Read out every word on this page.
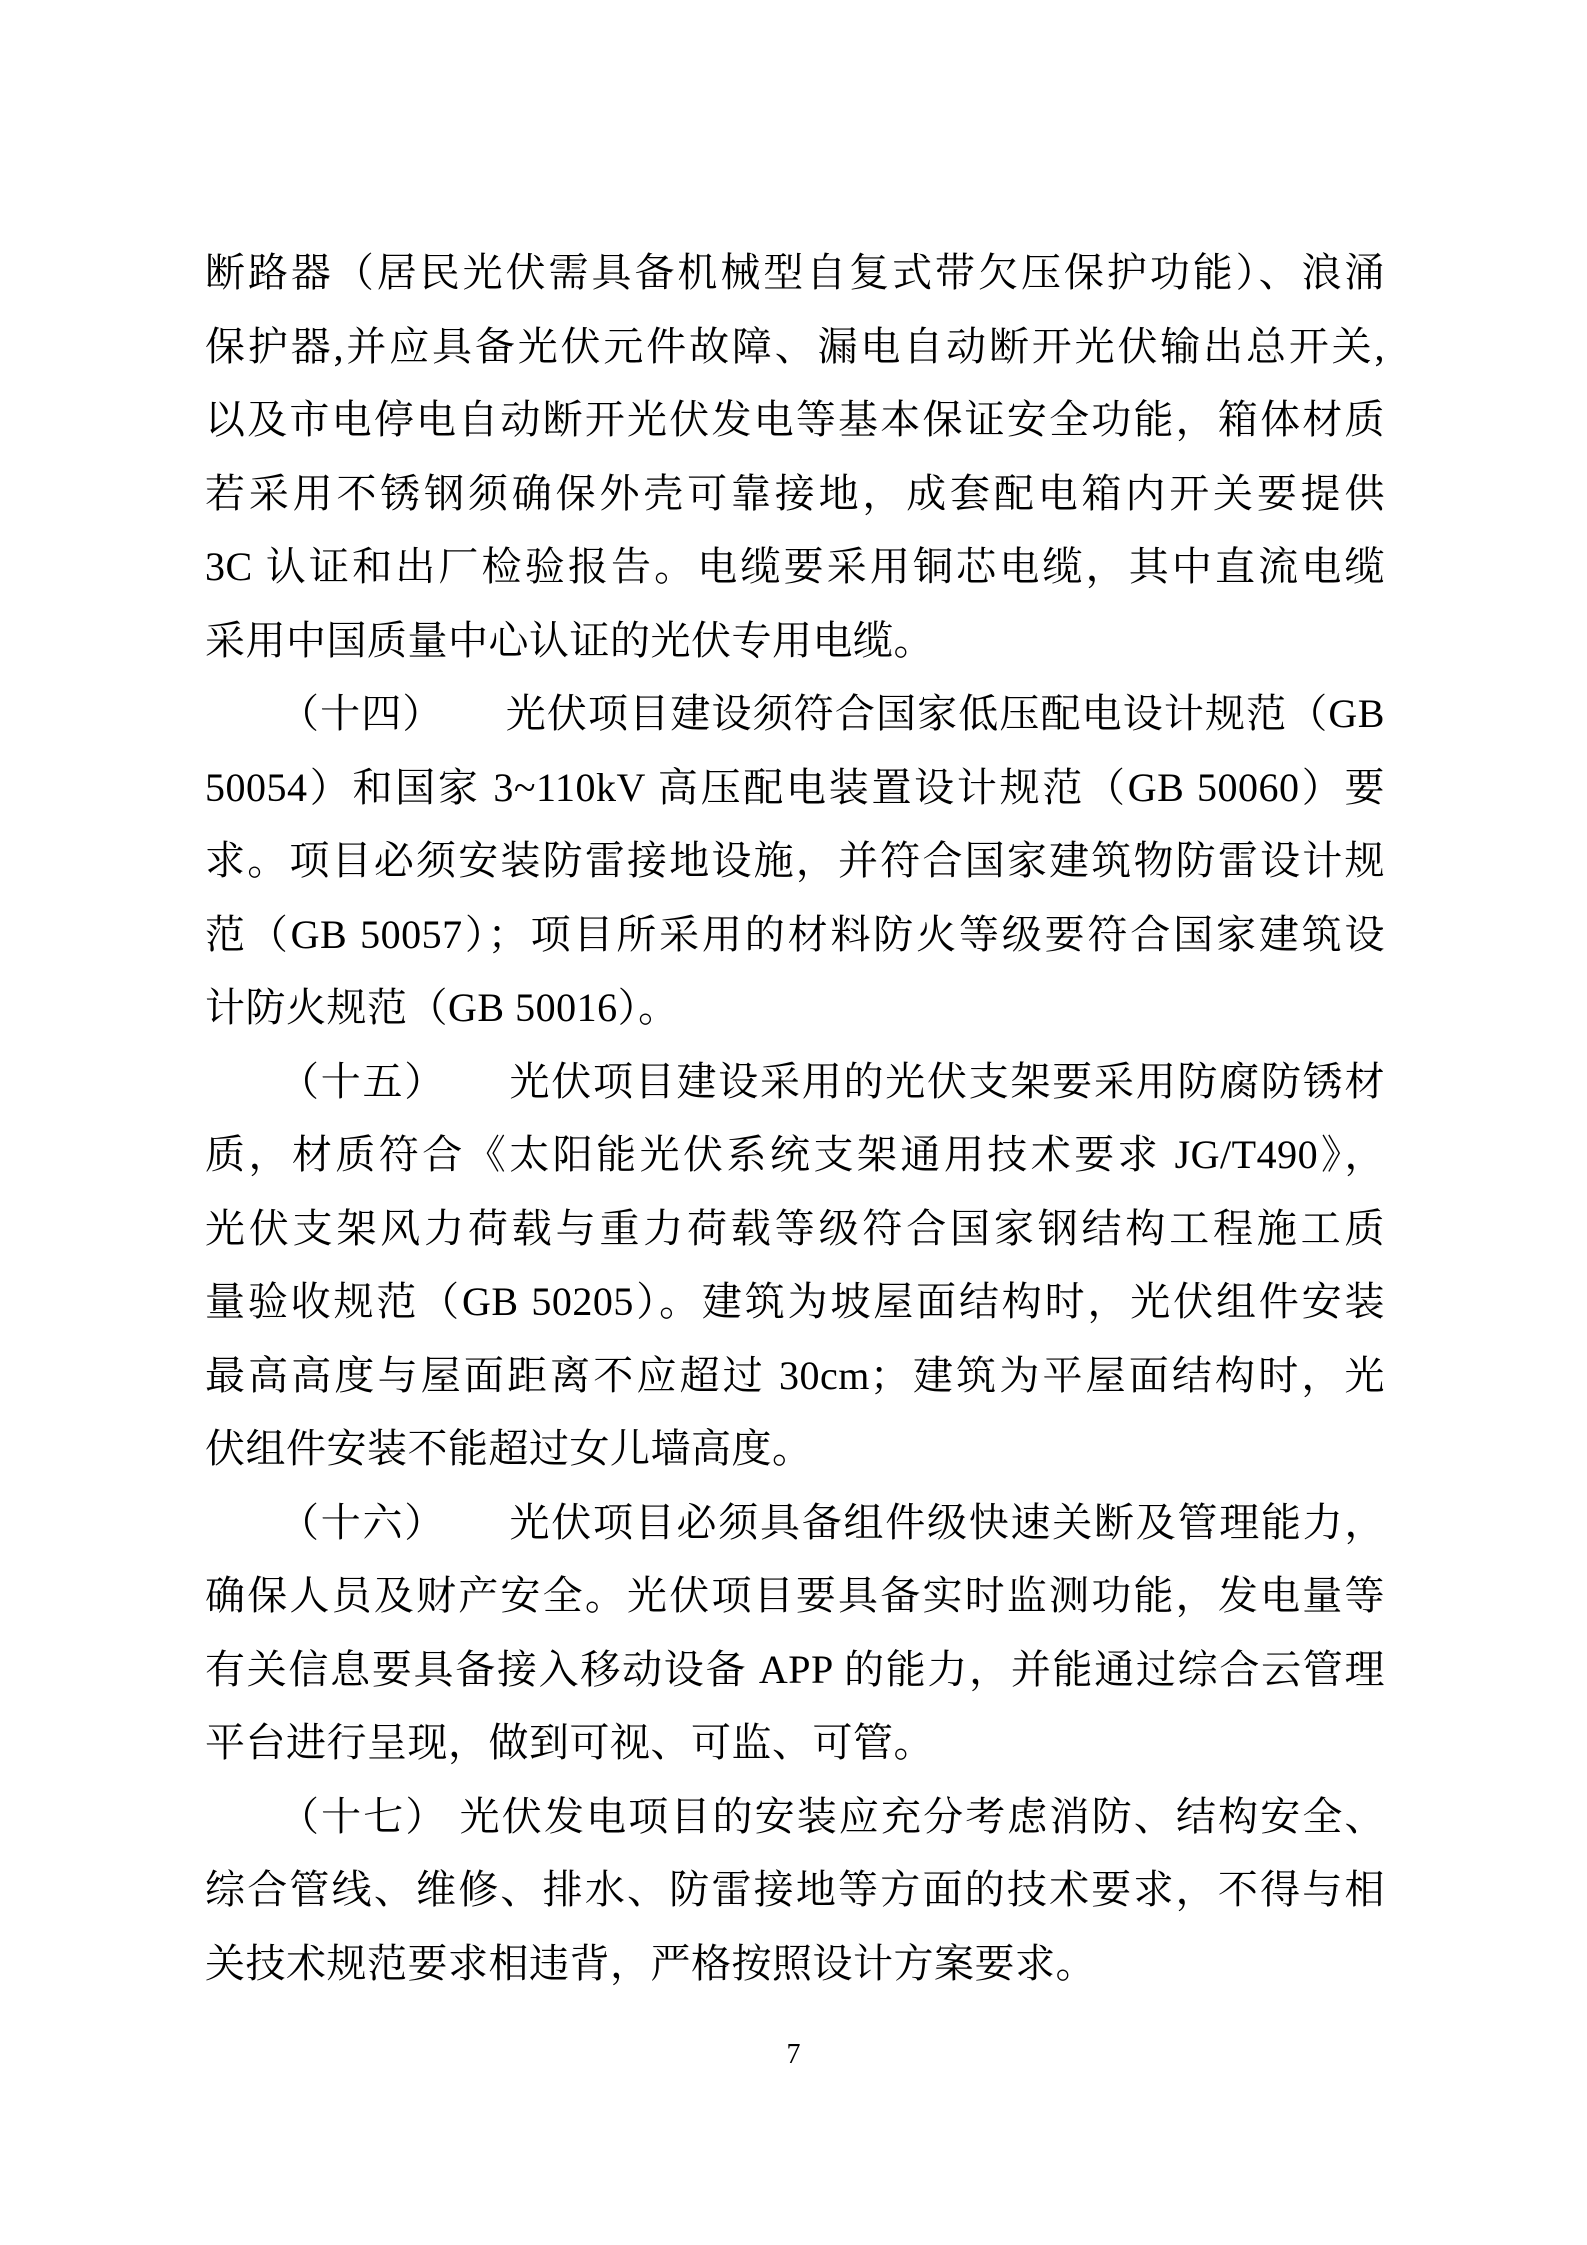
断路器（居民光伏需具备机械型自复式带欠压保护功能）、浪涌
保护器,并应具备光伏元件故障、漏电自动断开光伏输出总开关,
以及市电停电自动断开光伏发电等基本保证安全功能，箱体材质
若采用不锈钢须确保外壳可靠接地，成套配电箱内开关要提供
3C 认证和出厂检验报告。电缆要采用铜芯电缆，其中直流电缆
采用中国质量中心认证的光伏专用电缆。
（十四）　　光伏项目建设须符合国家低压配电设计规范（GB
50054）和国家 3~110kV 高压配电装置设计规范（GB 50060）要
求。项目必须安装防雷接地设施，并符合国家建筑物防雷设计规
范（GB 50057）；项目所采用的材料防火等级要符合国家建筑设
计防火规范（GB 50016）。
（十五）　　光伏项目建设采用的光伏支架要采用防腐防锈材
质，材质符合《太阳能光伏系统支架通用技术要求 JG/T490》，
光伏支架风力荷载与重力荷载等级符合国家钢结构工程施工质
量验收规范（GB 50205）。建筑为坡屋面结构时，光伏组件安装
最高高度与屋面距离不应超过 30cm；建筑为平屋面结构时，光
伏组件安装不能超过女儿墙高度。
（十六）　　光伏项目必须具备组件级快速关断及管理能力，
确保人员及财产安全。光伏项目要具备实时监测功能，发电量等
有关信息要具备接入移动设备 APP 的能力，并能通过综合云管理
平台进行呈现，做到可视、可监、可管。
（十七） 光伏发电项目的安装应充分考虑消防、结构安全、
综合管线、维修、排水、防雷接地等方面的技术要求，不得与相
关技术规范要求相违背，严格按照设计方案要求。
7
